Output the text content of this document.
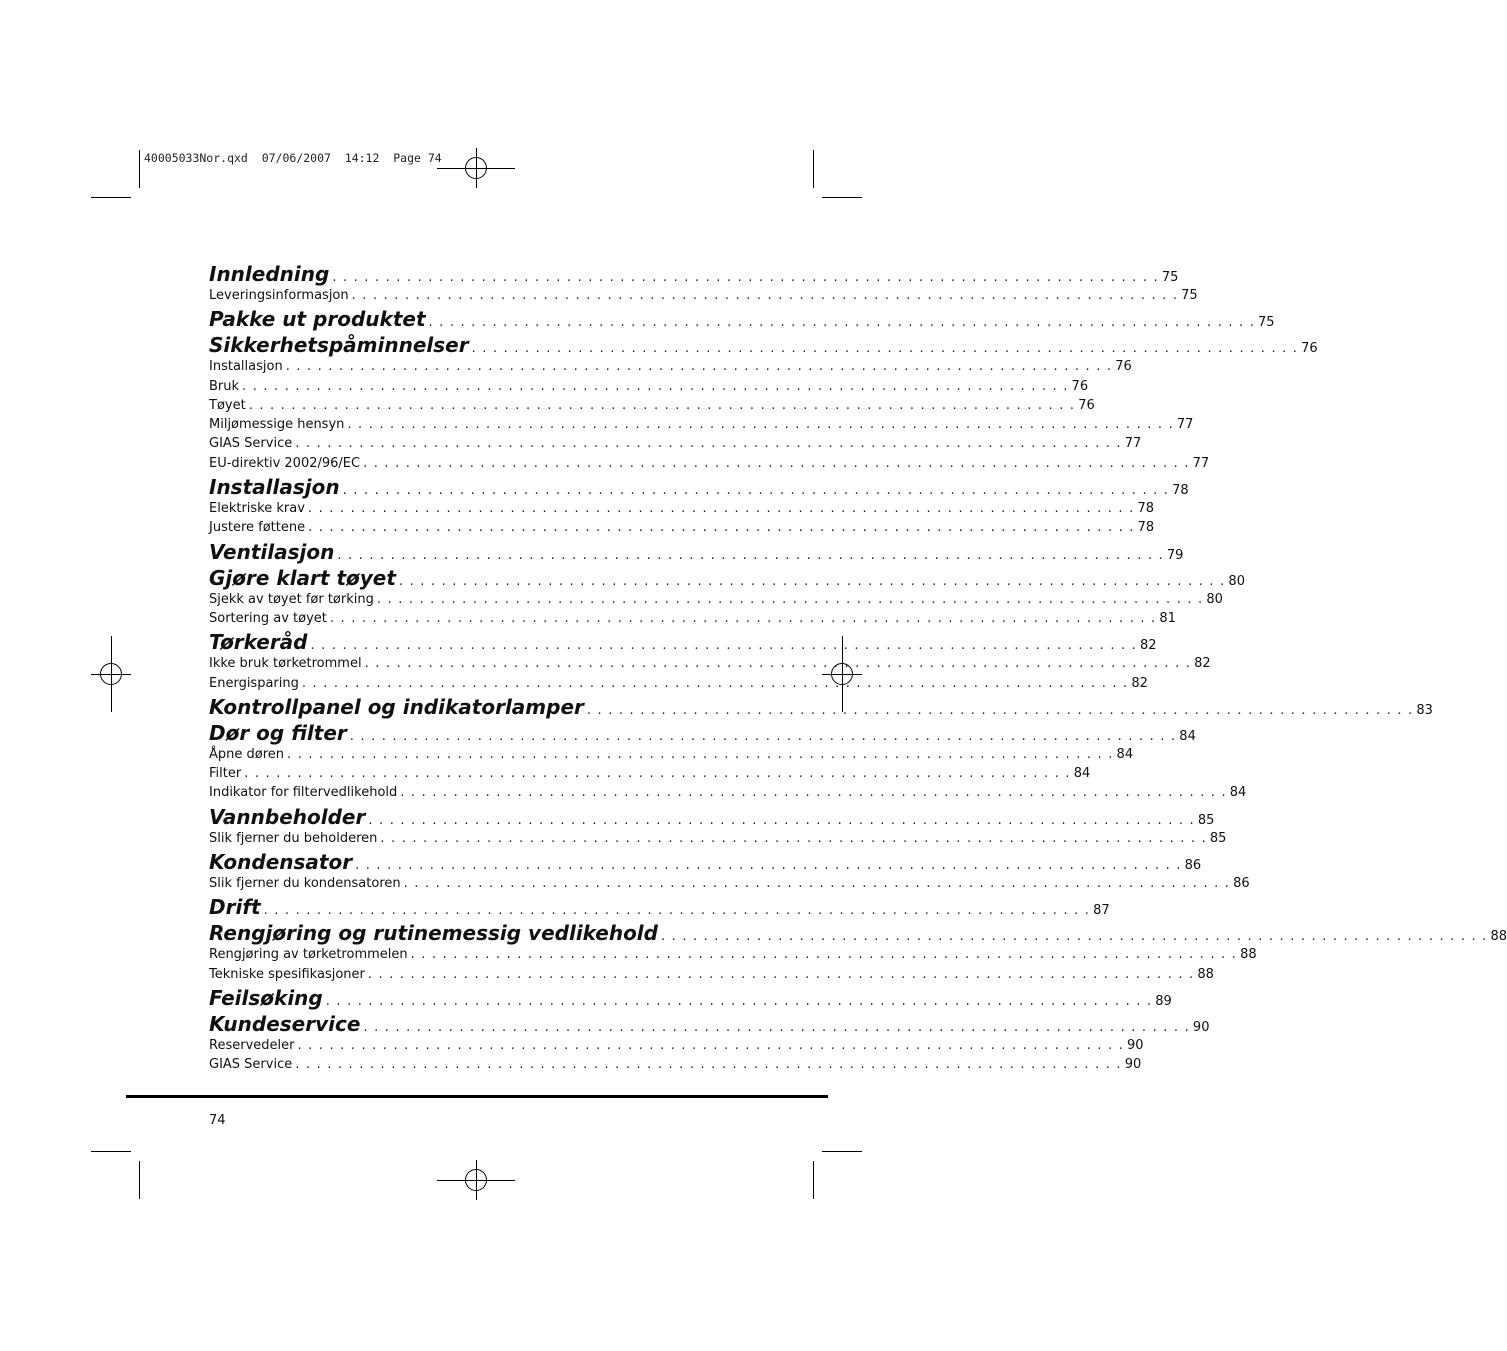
40005033Nor.qxd  07/06/2007  14:12  Page 74
Innledning . . . . . . . . . . . . . . . . . . . . . . . . . . . . . . . . . . . . . . . . . . . . . . . . . . . . . . . . . . . . . . . . . . . . . . . . . . . . . . 75
Leveringsinformasjon . . . . . . . . . . . . . . . . . . . . . . . . . . . . . . . . . . . . . . . . . . . . . . . . . . . . . . . . . . . . . . . . . . . . . . . . . . . . . . 75
Pakke ut produktet . . . . . . . . . . . . . . . . . . . . . . . . . . . . . . . . . . . . . . . . . . . . . . . . . . . . . . . . . . . . . . . . . . . . . . . . . . . . . . 75
Sikkerhetspåminnelser . . . . . . . . . . . . . . . . . . . . . . . . . . . . . . . . . . . . . . . . . . . . . . . . . . . . . . . . . . . . . . . . . . . . . . . . . . . . . . 76
Installasjon . . . . . . . . . . . . . . . . . . . . . . . . . . . . . . . . . . . . . . . . . . . . . . . . . . . . . . . . . . . . . . . . . . . . . . . . . . . . . . 76
Bruk . . . . . . . . . . . . . . . . . . . . . . . . . . . . . . . . . . . . . . . . . . . . . . . . . . . . . . . . . . . . . . . . . . . . . . . . . . . . . . 76
Tøyet . . . . . . . . . . . . . . . . . . . . . . . . . . . . . . . . . . . . . . . . . . . . . . . . . . . . . . . . . . . . . . . . . . . . . . . . . . . . . . 76
Miljømessige hensyn . . . . . . . . . . . . . . . . . . . . . . . . . . . . . . . . . . . . . . . . . . . . . . . . . . . . . . . . . . . . . . . . . . . . . . . . . . . . . . 77
GIAS Service . . . . . . . . . . . . . . . . . . . . . . . . . . . . . . . . . . . . . . . . . . . . . . . . . . . . . . . . . . . . . . . . . . . . . . . . . . . . . . 77
EU-direktiv 2002/96/EC . . . . . . . . . . . . . . . . . . . . . . . . . . . . . . . . . . . . . . . . . . . . . . . . . . . . . . . . . . . . . . . . . . . . . . . . . . . . . . 77
Installasjon . . . . . . . . . . . . . . . . . . . . . . . . . . . . . . . . . . . . . . . . . . . . . . . . . . . . . . . . . . . . . . . . . . . . . . . . . . . . . . 78
Elektriske krav . . . . . . . . . . . . . . . . . . . . . . . . . . . . . . . . . . . . . . . . . . . . . . . . . . . . . . . . . . . . . . . . . . . . . . . . . . . . . . 78
Justere føttene . . . . . . . . . . . . . . . . . . . . . . . . . . . . . . . . . . . . . . . . . . . . . . . . . . . . . . . . . . . . . . . . . . . . . . . . . . . . . . 78
Ventilasjon . . . . . . . . . . . . . . . . . . . . . . . . . . . . . . . . . . . . . . . . . . . . . . . . . . . . . . . . . . . . . . . . . . . . . . . . . . . . . . 79
Gjøre klart tøyet . . . . . . . . . . . . . . . . . . . . . . . . . . . . . . . . . . . . . . . . . . . . . . . . . . . . . . . . . . . . . . . . . . . . . . . . . . . . . . 80
Sjekk av tøyet før tørking . . . . . . . . . . . . . . . . . . . . . . . . . . . . . . . . . . . . . . . . . . . . . . . . . . . . . . . . . . . . . . . . . . . . . . . . . . . . . . 80
Sortering av tøyet . . . . . . . . . . . . . . . . . . . . . . . . . . . . . . . . . . . . . . . . . . . . . . . . . . . . . . . . . . . . . . . . . . . . . . . . . . . . . . 81
Tørkeråd . . . . . . . . . . . . . . . . . . . . . . . . . . . . . . . . . . . . . . . . . . . . . . . . . . . . . . . . . . . . . . . . . . . . . . . . . . . . . . 82
Ikke bruk tørketrommel . . . . . . . . . . . . . . . . . . . . . . . . . . . . . . . . . . . . . . . . . . . . . . . . . . . . . . . . . . . . . . . . . . . . . . . . . . . . . . 82
Energisparing . . . . . . . . . . . . . . . . . . . . . . . . . . . . . . . . . . . . . . . . . . . . . . . . . . . . . . . . . . . . . . . . . . . . . . . . . . . . . . 82
Kontrollpanel og indikatorlamper . . . . . . . . . . . . . . . . . . . . . . . . . . . . . . . . . . . . . . . . . . . . . . . . . . . . . . . . . . . . . . . . . . . . . . . . . . . . . . 83
Dør og filter . . . . . . . . . . . . . . . . . . . . . . . . . . . . . . . . . . . . . . . . . . . . . . . . . . . . . . . . . . . . . . . . . . . . . . . . . . . . . . 84
Åpne døren . . . . . . . . . . . . . . . . . . . . . . . . . . . . . . . . . . . . . . . . . . . . . . . . . . . . . . . . . . . . . . . . . . . . . . . . . . . . . . 84
Filter . . . . . . . . . . . . . . . . . . . . . . . . . . . . . . . . . . . . . . . . . . . . . . . . . . . . . . . . . . . . . . . . . . . . . . . . . . . . . . 84
Indikator for filtervedlikehold . . . . . . . . . . . . . . . . . . . . . . . . . . . . . . . . . . . . . . . . . . . . . . . . . . . . . . . . . . . . . . . . . . . . . . . . . . . . . . 84
Vannbeholder . . . . . . . . . . . . . . . . . . . . . . . . . . . . . . . . . . . . . . . . . . . . . . . . . . . . . . . . . . . . . . . . . . . . . . . . . . . . . . 85
Slik fjerner du beholderen . . . . . . . . . . . . . . . . . . . . . . . . . . . . . . . . . . . . . . . . . . . . . . . . . . . . . . . . . . . . . . . . . . . . . . . . . . . . . . 85
Kondensator . . . . . . . . . . . . . . . . . . . . . . . . . . . . . . . . . . . . . . . . . . . . . . . . . . . . . . . . . . . . . . . . . . . . . . . . . . . . . . 86
Slik fjerner du kondensatoren . . . . . . . . . . . . . . . . . . . . . . . . . . . . . . . . . . . . . . . . . . . . . . . . . . . . . . . . . . . . . . . . . . . . . . . . . . . . . . 86
Drift . . . . . . . . . . . . . . . . . . . . . . . . . . . . . . . . . . . . . . . . . . . . . . . . . . . . . . . . . . . . . . . . . . . . . . . . . . . . . . 87
Rengjøring og rutinemessig vedlikehold . . . . . . . . . . . . . . . . . . . . . . . . . . . . . . . . . . . . . . . . . . . . . . . . . . . . . . . . . . . . . . . . . . . . . . . . . . . . . . 88
Rengjøring av tørketrommelen . . . . . . . . . . . . . . . . . . . . . . . . . . . . . . . . . . . . . . . . . . . . . . . . . . . . . . . . . . . . . . . . . . . . . . . . . . . . . . 88
Tekniske spesifikasjoner . . . . . . . . . . . . . . . . . . . . . . . . . . . . . . . . . . . . . . . . . . . . . . . . . . . . . . . . . . . . . . . . . . . . . . . . . . . . . . 88
Feilsøking . . . . . . . . . . . . . . . . . . . . . . . . . . . . . . . . . . . . . . . . . . . . . . . . . . . . . . . . . . . . . . . . . . . . . . . . . . . . . . 89
Kundeservice . . . . . . . . . . . . . . . . . . . . . . . . . . . . . . . . . . . . . . . . . . . . . . . . . . . . . . . . . . . . . . . . . . . . . . . . . . . . . . 90
Reservedeler . . . . . . . . . . . . . . . . . . . . . . . . . . . . . . . . . . . . . . . . . . . . . . . . . . . . . . . . . . . . . . . . . . . . . . . . . . . . . . 90
GIAS Service . . . . . . . . . . . . . . . . . . . . . . . . . . . . . . . . . . . . . . . . . . . . . . . . . . . . . . . . . . . . . . . . . . . . . . . . . . . . . . 90
74
